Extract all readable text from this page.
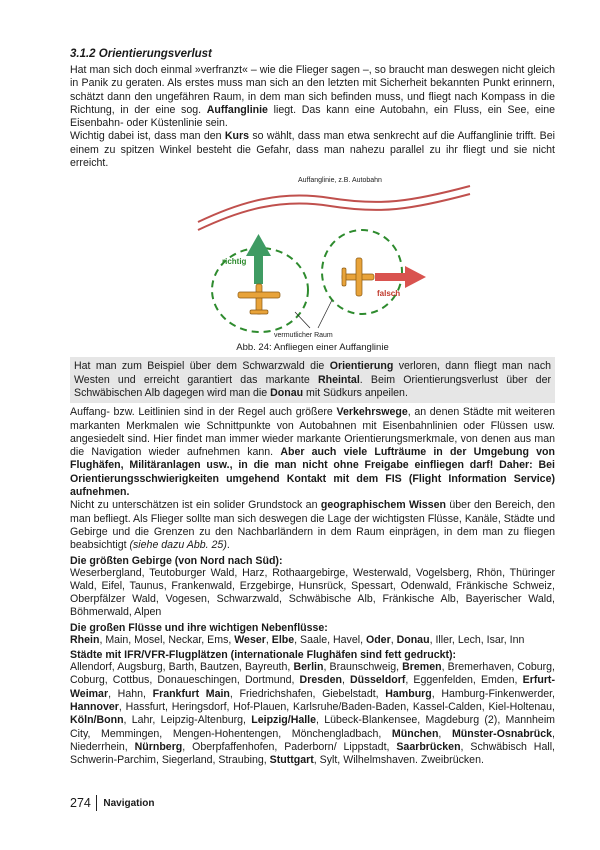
3.1.2 Orientierungsverlust

Hat man sich doch einmal »verfranzt« – wie die Flieger sagen –, so braucht man deswegen nicht gleich in Panik zu geraten. Als erstes muss man sich an den letzten mit Sicherheit bekannten Punkt erinnern, schätzt dann den ungefähren Raum, in dem man sich befinden muss, und fliegt nach Kompass in die Richtung, in der eine sog. Auffanglinie liegt. Das kann eine Autobahn, ein Fluss, ein See, eine Eisenbahn- oder Küstenlinie sein.

Wichtig dabei ist, dass man den Kurs so wählt, dass man etwa senkrecht auf die Auffanglinie trifft. Bei einem zu spitzen Winkel besteht die Gefahr, dass man nahezu parallel zu ihr fliegt und sie nicht erreicht.

Auffanglinie, z.B. Autobahn
richtig
falsch
vermutlicher Raum
Abb. 24: Anfliegen einer Auffanglinie

Hat man zum Beispiel über dem Schwarzwald die Orientierung verloren, dann fliegt man nach Westen und erreicht garantiert das markante Rheintal. Beim Orientierungsverlust über der Schwäbischen Alb dagegen wird man die Donau mit Südkurs anpeilen.

Auffang- bzw. Leitlinien sind in der Regel auch größere Verkehrswege, an denen Städte mit weiteren markanten Merkmalen wie Schnittpunkte von Autobahnen mit Eisenbahnlinien oder Flüssen usw. angesiedelt sind. Hier findet man immer wieder markante Orientierungsmerkmale, von denen aus man die Navigation wieder aufnehmen kann. Aber auch viele Lufträume in der Umgebung von Flughäfen, Militäranlagen usw., in die man nicht ohne Freigabe einfliegen darf! Daher: Bei Orientierungsschwierigkeiten umgehend Kontakt mit dem FIS (Flight Information Service) aufnehmen.

Nicht zu unterschätzen ist ein solider Grundstock an geographischem Wissen über den Bereich, den man befliegt. Als Flieger sollte man sich deswegen die Lage der wichtigsten Flüsse, Kanäle, Städte und Gebirge und die Grenzen zu den Nachbarländern in dem Raum einprägen, in dem man zu fliegen beabsichtigt (siehe dazu Abb. 25).

Die größten Gebirge (von Nord nach Süd):

Weserbergland, Teutoburger Wald, Harz, Rothaargebirge, Westerwald, Vogelsberg, Rhön, Thüringer Wald, Eifel, Taunus, Frankenwald, Erzgebirge, Hunsrück, Spessart, Odenwald, Fränkische Schweiz, Oberpfälzer Wald, Vogesen, Schwarzwald, Schwäbische Alb, Fränkische Alb, Bayerischer Wald, Böhmerwald, Alpen

Die großen Flüsse und ihre wichtigen Nebenflüsse:

Rhein, Main, Mosel, Neckar, Ems, Weser, Elbe, Saale, Havel, Oder, Donau, Iller, Lech, Isar, Inn

Städte mit IFR/VFR-Flugplätzen (internationale Flughäfen sind fett gedruckt):

Allendorf, Augsburg, Barth, Bautzen, Bayreuth, Berlin, Braunschweig, Bremen, Bremerhaven, Coburg, Coburg, Cottbus, Donaueschingen, Dortmund, Dresden, Düsseldorf, Eggenfelden, Emden, Erfurt-Weimar, Hahn, Frankfurt Main, Friedrichshafen, Giebelstadt, Hamburg, Hamburg-Finkenwerder, Hannover, Hassfurt, Heringsdorf, Hof-Plauen, Karlsruhe/Baden-Baden, Kassel-Calden, Kiel-Holtenau, Köln/Bonn, Lahr, Leipzig-Altenburg, Leipzig/Halle, Lübeck-Blankensee, Magdeburg (2), Mannheim City, Memmingen, Mengen-Hohentengen, Mönchengladbach, München, Münster-Osnabrück, Niederrhein, Nürnberg, Oberpfaffenhofen, Paderborn/ Lippstadt, Saarbrücken, Schwäbisch Hall, Schwerin-Parchim, Siegerland, Straubing, Stuttgart, Sylt, Wilhelmshaven. Zweibrücken.

274 Navigation
